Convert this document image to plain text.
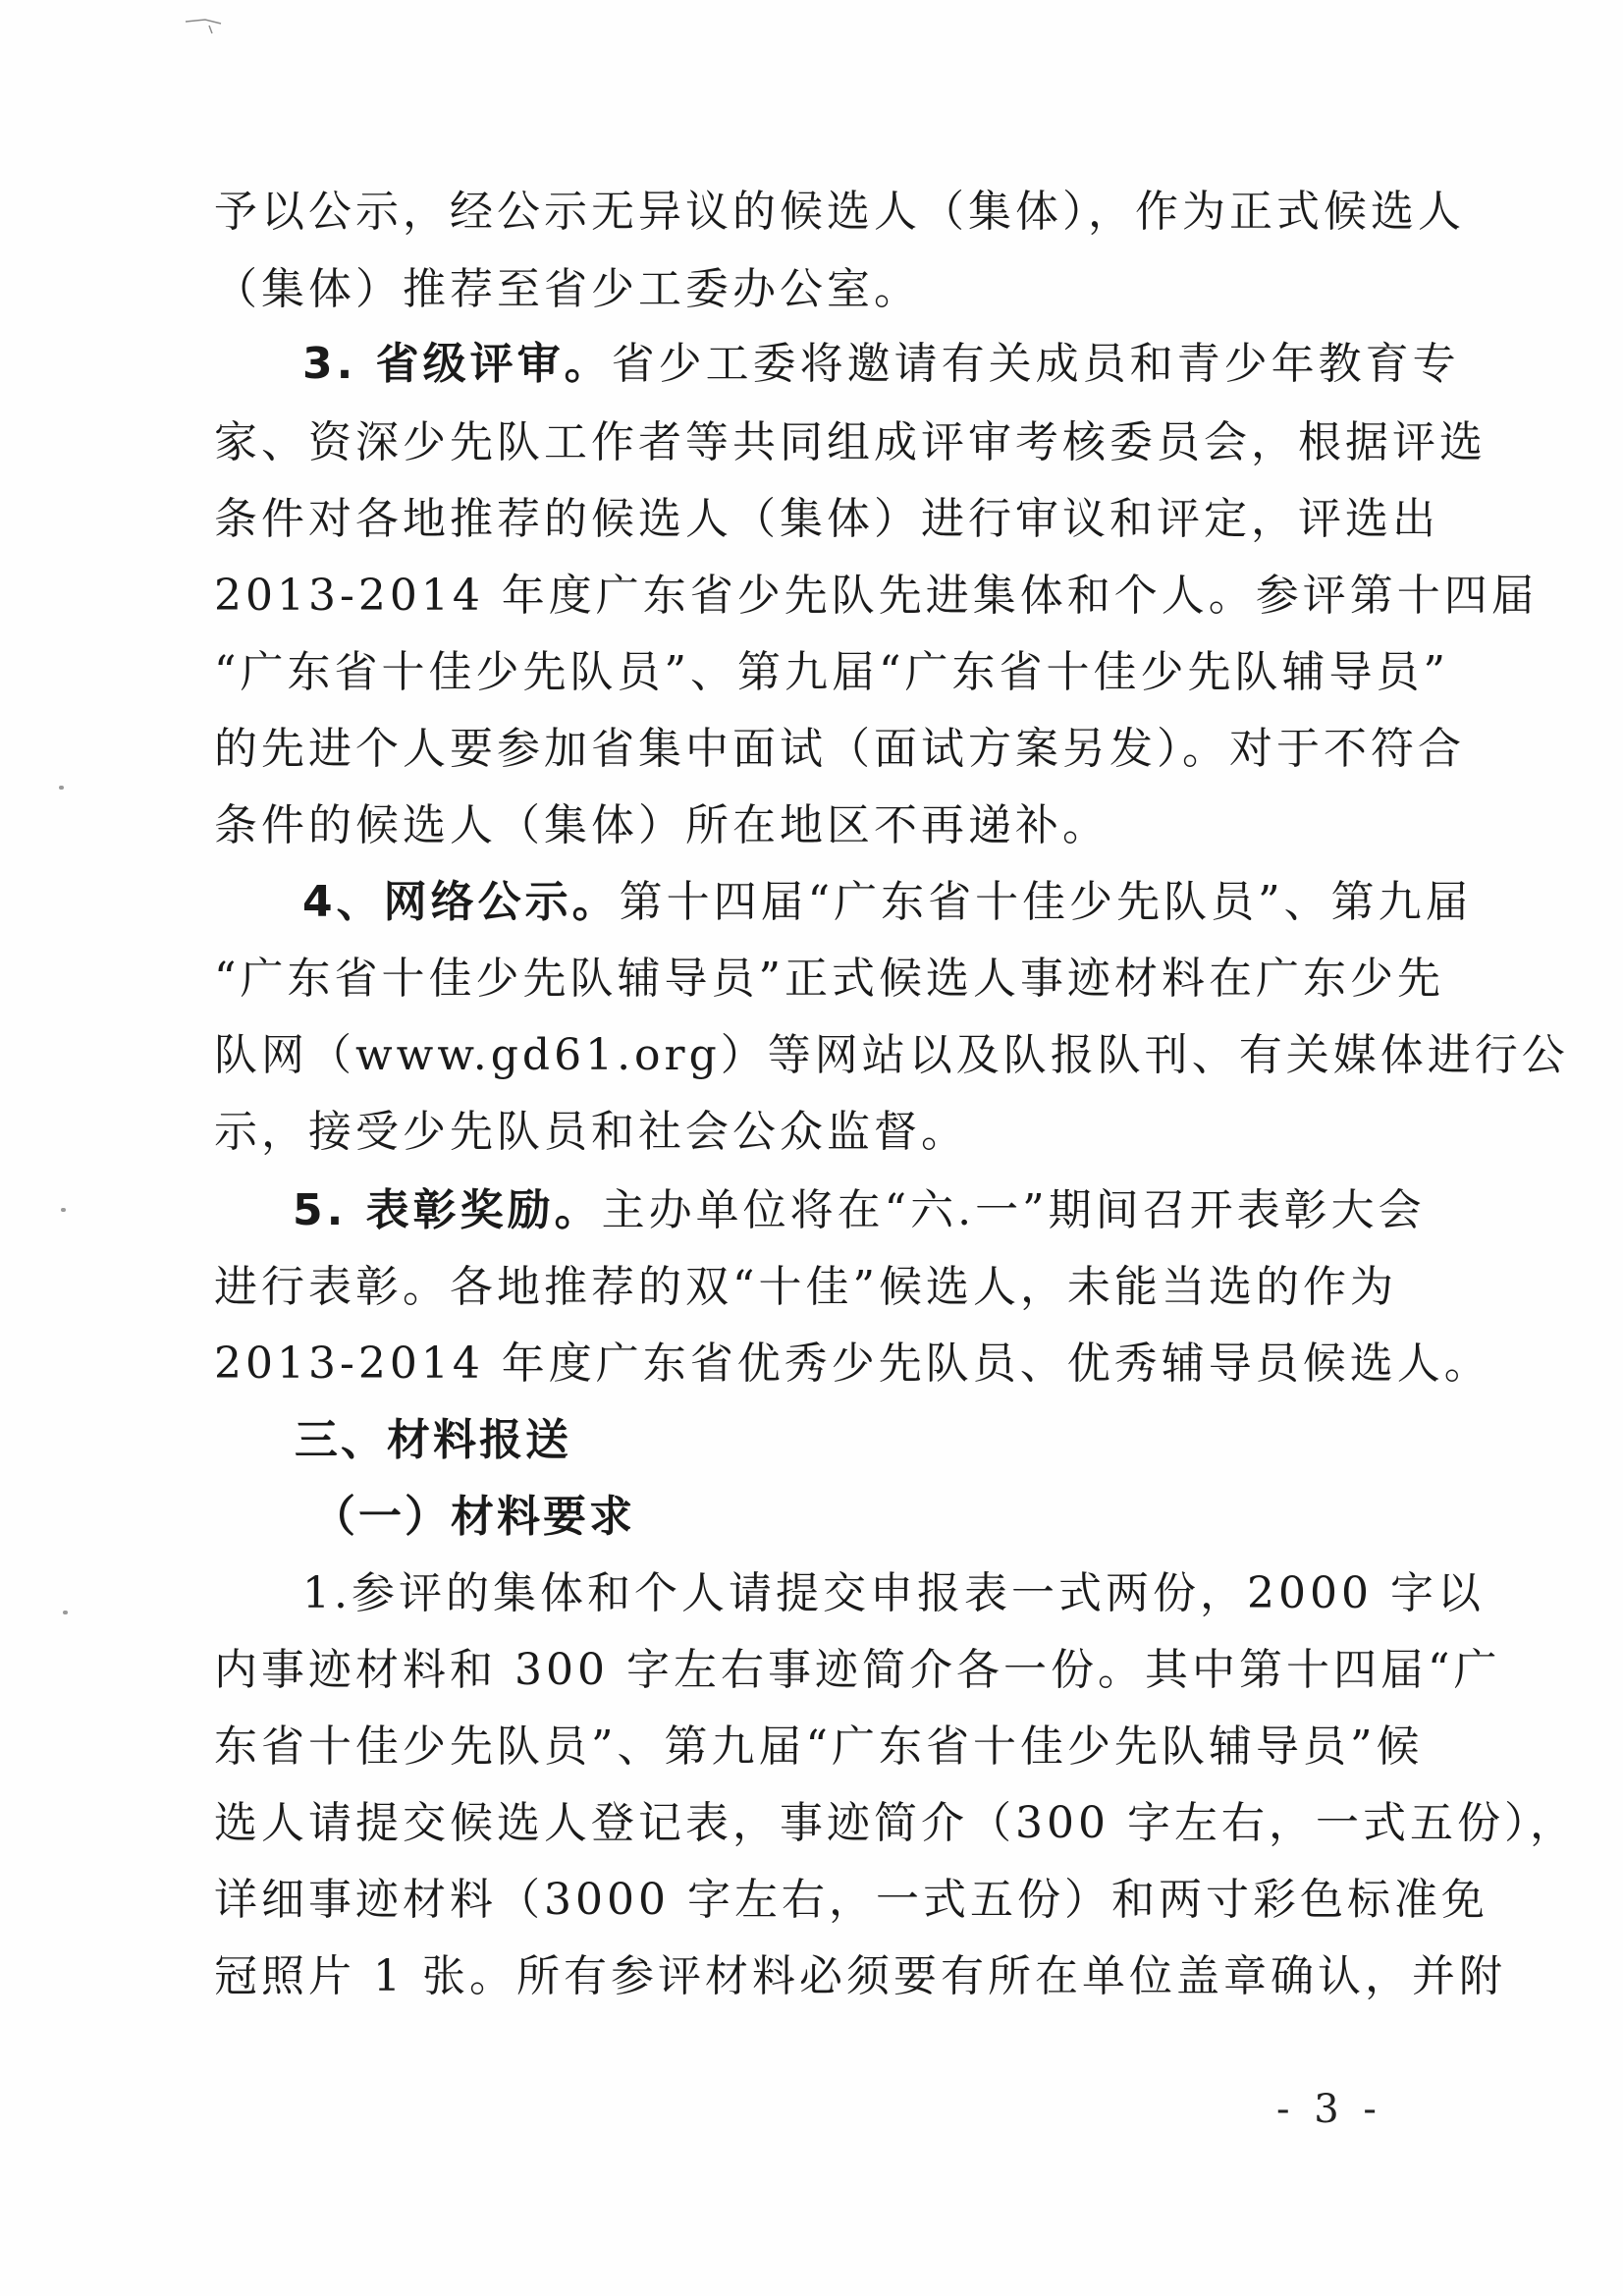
予以公示，经公示无异议的候选人（集体），作为正式候选人
（集体）推荐至省少工委办公室。
3. 省级评审。省少工委将邀请有关成员和青少年教育专
家、资深少先队工作者等共同组成评审考核委员会，根据评选
条件对各地推荐的候选人（集体）进行审议和评定，评选出
2013-2014 年度广东省少先队先进集体和个人。参评第十四届
“广东省十佳少先队员”、第九届“广东省十佳少先队辅导员”
的先进个人要参加省集中面试（面试方案另发）。对于不符合
条件的候选人（集体）所在地区不再递补。
4、网络公示。第十四届“广东省十佳少先队员”、第九届
“广东省十佳少先队辅导员”正式候选人事迹材料在广东少先
队网（www.gd61.org）等网站以及队报队刊、有关媒体进行公
示，接受少先队员和社会公众监督。
5. 表彰奖励。主办单位将在“六.一”期间召开表彰大会
进行表彰。各地推荐的双“十佳”候选人，未能当选的作为
2013-2014 年度广东省优秀少先队员、优秀辅导员候选人。
三、材料报送
（一）材料要求
1.参评的集体和个人请提交申报表一式两份，2000 字以
内事迹材料和 300 字左右事迹简介各一份。其中第十四届“广
东省十佳少先队员”、第九届“广东省十佳少先队辅导员”候
选人请提交候选人登记表，事迹简介（300 字左右，一式五份），
详细事迹材料（3000 字左右，一式五份）和两寸彩色标准免
冠照片 1 张。所有参评材料必须要有所在单位盖章确认，并附
- 3 -
